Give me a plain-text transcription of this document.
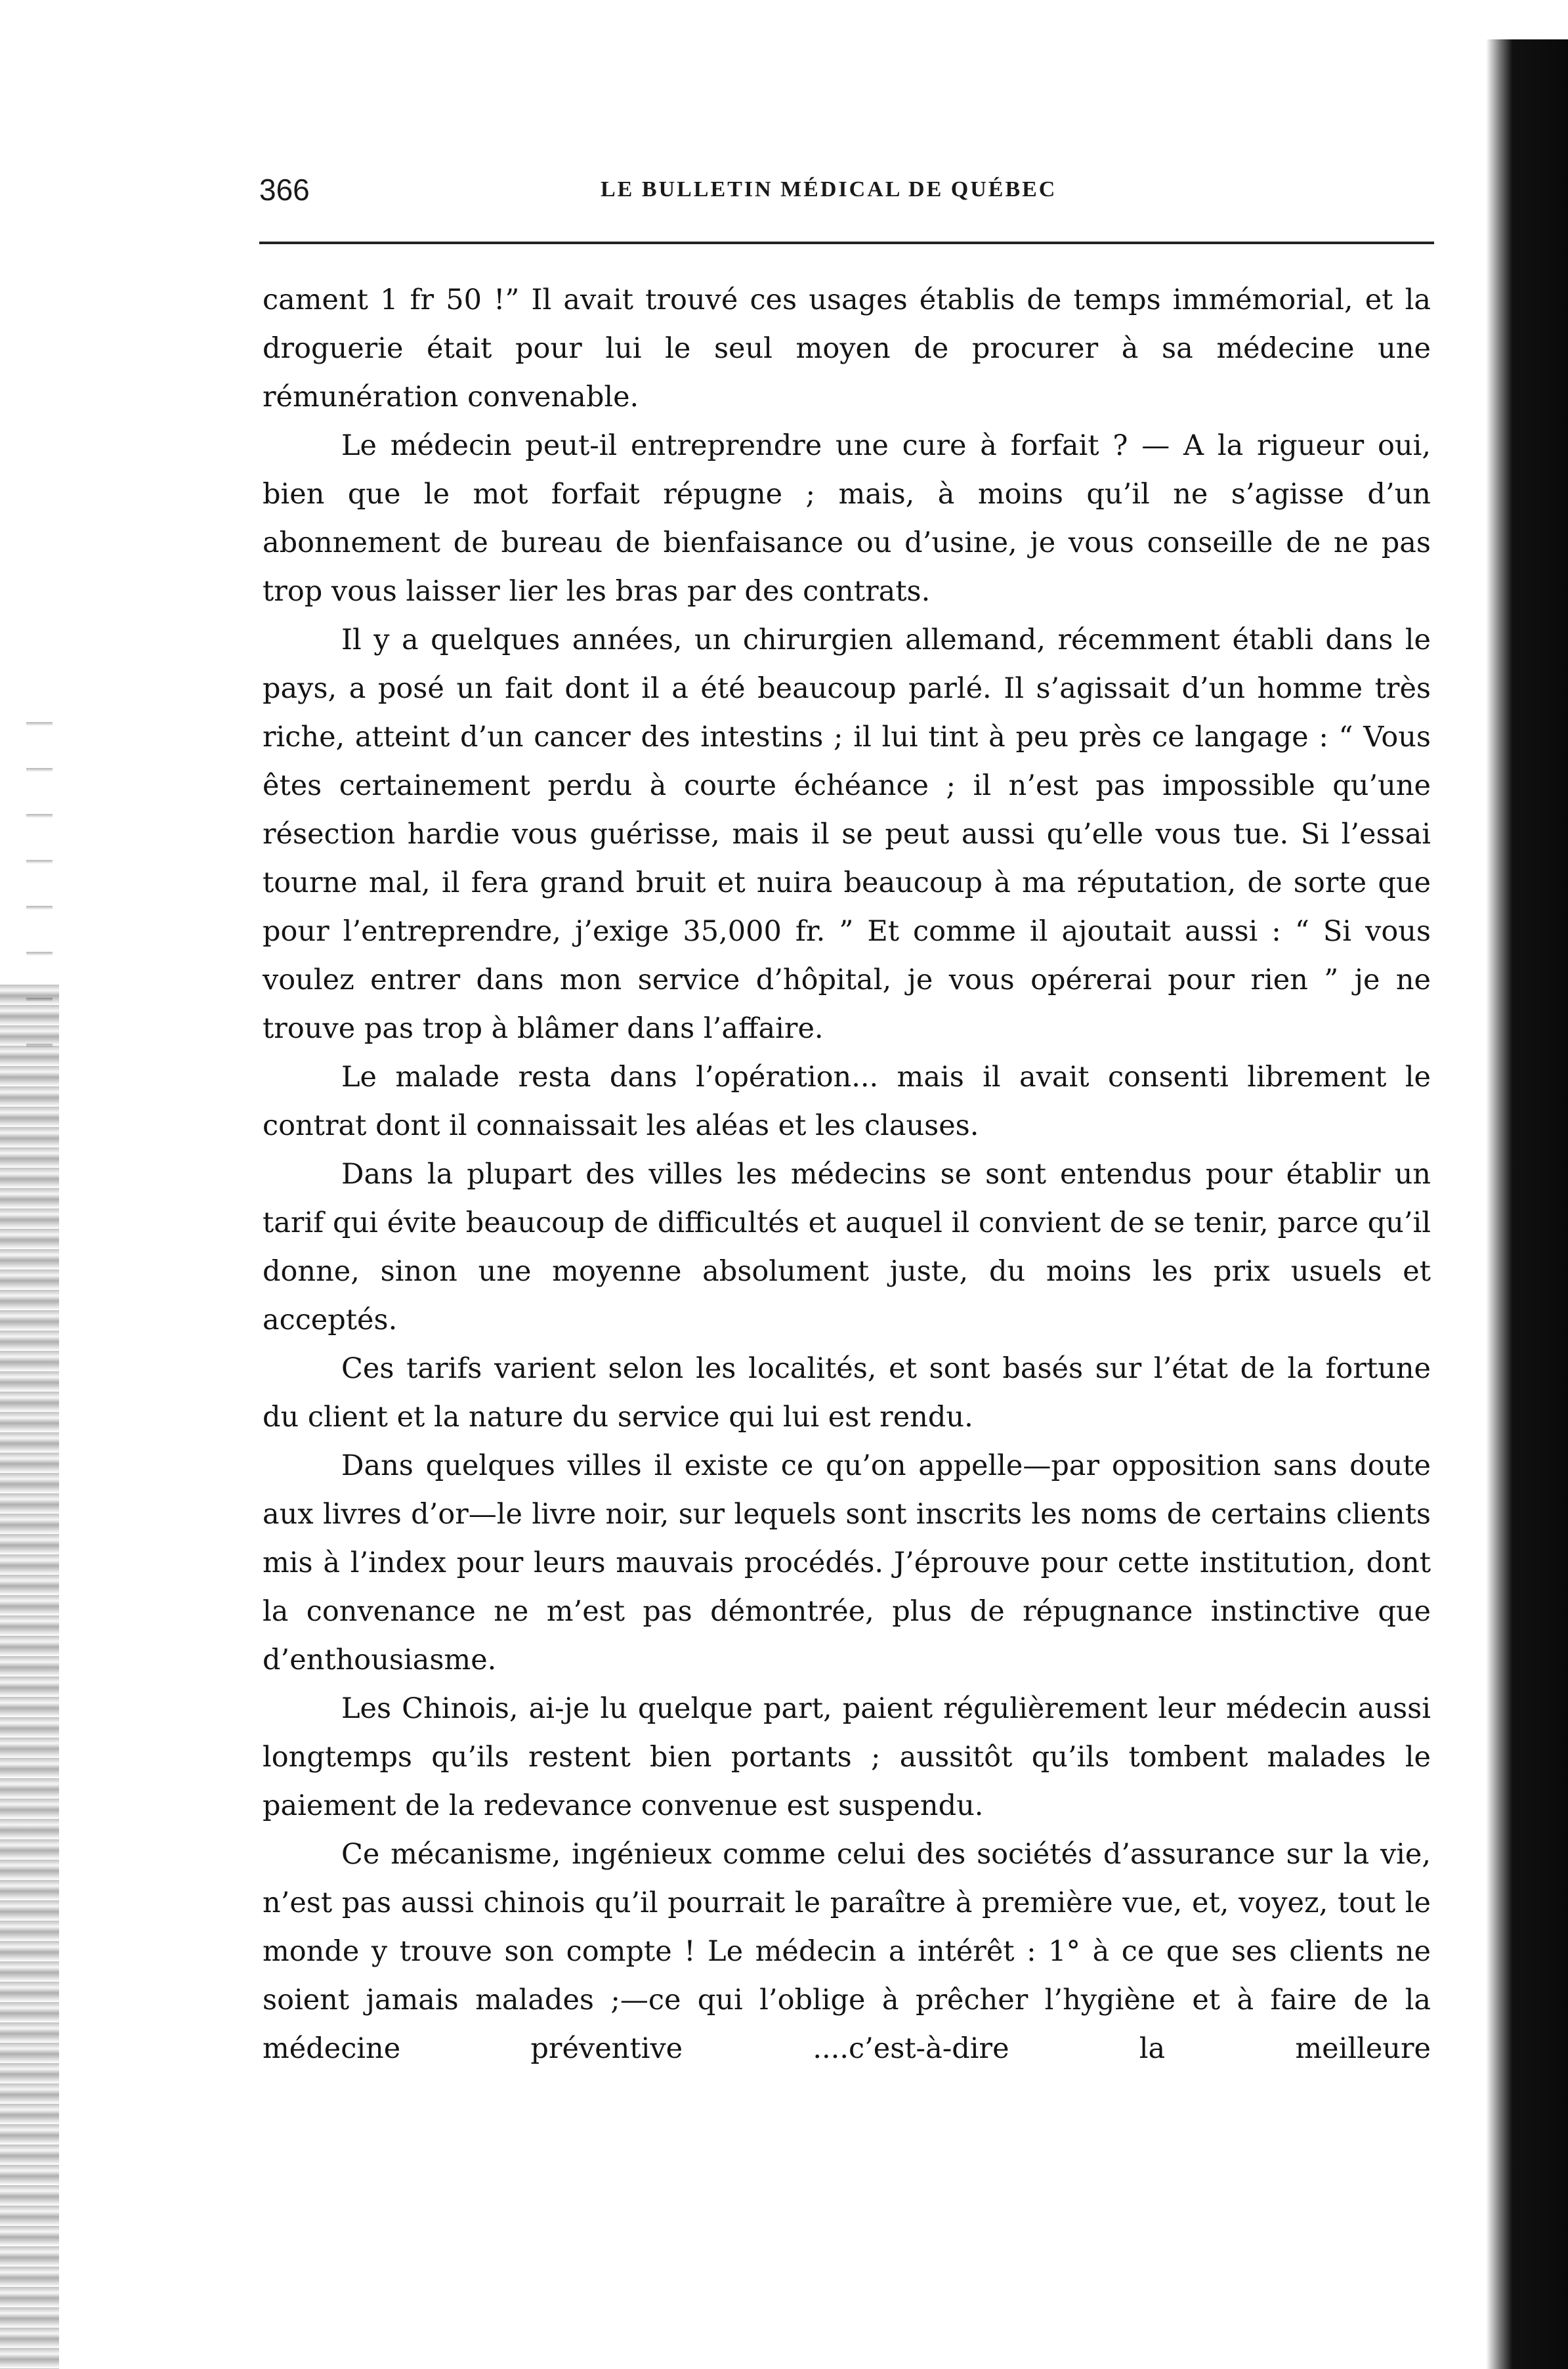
366	LE BULLETIN MÉDICAL DE QUÉBEC

cament 1 fr 50 !” Il avait trouvé ces usages établis de temps immémorial, et la droguerie était pour lui le seul moyen de procurer à sa médecine une rémunération convenable.

Le médecin peut-il entreprendre une cure à forfait ? — A la rigueur oui, bien que le mot forfait répugne ; mais, à moins qu’il ne s’agisse d’un abonnement de bureau de bienfaisance ou d’usine, je vous conseille de ne pas trop vous laisser lier les bras par des contrats.

Il y a quelques années, un chirurgien allemand, récemment établi dans le pays, a posé un fait dont il a été beaucoup parlé. Il s’agissait d’un homme très riche, atteint d’un cancer des intestins ; il lui tint à peu près ce langage : “ Vous êtes certainement perdu à courte échéance ; il n’est pas impossible qu’une résection hardie vous guérisse, mais il se peut aussi qu’elle vous tue. Si l’essai tourne mal, il fera grand bruit et nuira beaucoup à ma réputation, de sorte que pour l’entreprendre, j’exige 35,000 fr. ” Et comme il ajoutait aussi : “ Si vous voulez entrer dans mon service d’hôpital, je vous opérerai pour rien ” je ne trouve pas trop à blâmer dans l’affaire.

Le malade resta dans l’opération... mais il avait consenti librement le contrat dont il connaissait les aléas et les clauses.

Dans la plupart des villes les médecins se sont entendus pour établir un tarif qui évite beaucoup de difficultés et auquel il convient de se tenir, parce qu’il donne, sinon une moyenne absolument juste, du moins les prix usuels et acceptés.

Ces tarifs varient selon les localités, et sont basés sur l’état de la fortune du client et la nature du service qui lui est rendu.

Dans quelques villes il existe ce qu’on appelle—par opposition sans doute aux livres d’or—le livre noir, sur lequels sont inscrits les noms de certains clients mis à l’index pour leurs mauvais procédés. J’éprouve pour cette institution, dont la convenance ne m’est pas démontrée, plus de répugnance instinctive que d’enthousiasme.

Les Chinois, ai-je lu quelque part, paient régulièrement leur médecin aussi longtemps qu’ils restent bien portants ; aussitôt qu’ils tombent malades le paiement de la redevance convenue est suspendu.

Ce mécanisme, ingénieux comme celui des sociétés d’assurance sur la vie, n’est pas aussi chinois qu’il pourrait le paraître à première vue, et, voyez, tout le monde y trouve son compte ! Le médecin a intérêt : 1° à ce que ses clients ne soient jamais malades ;—ce qui l’oblige à prêcher l’hygiène et à faire de la médecine préventive ....c’est-à-dire la meilleure
